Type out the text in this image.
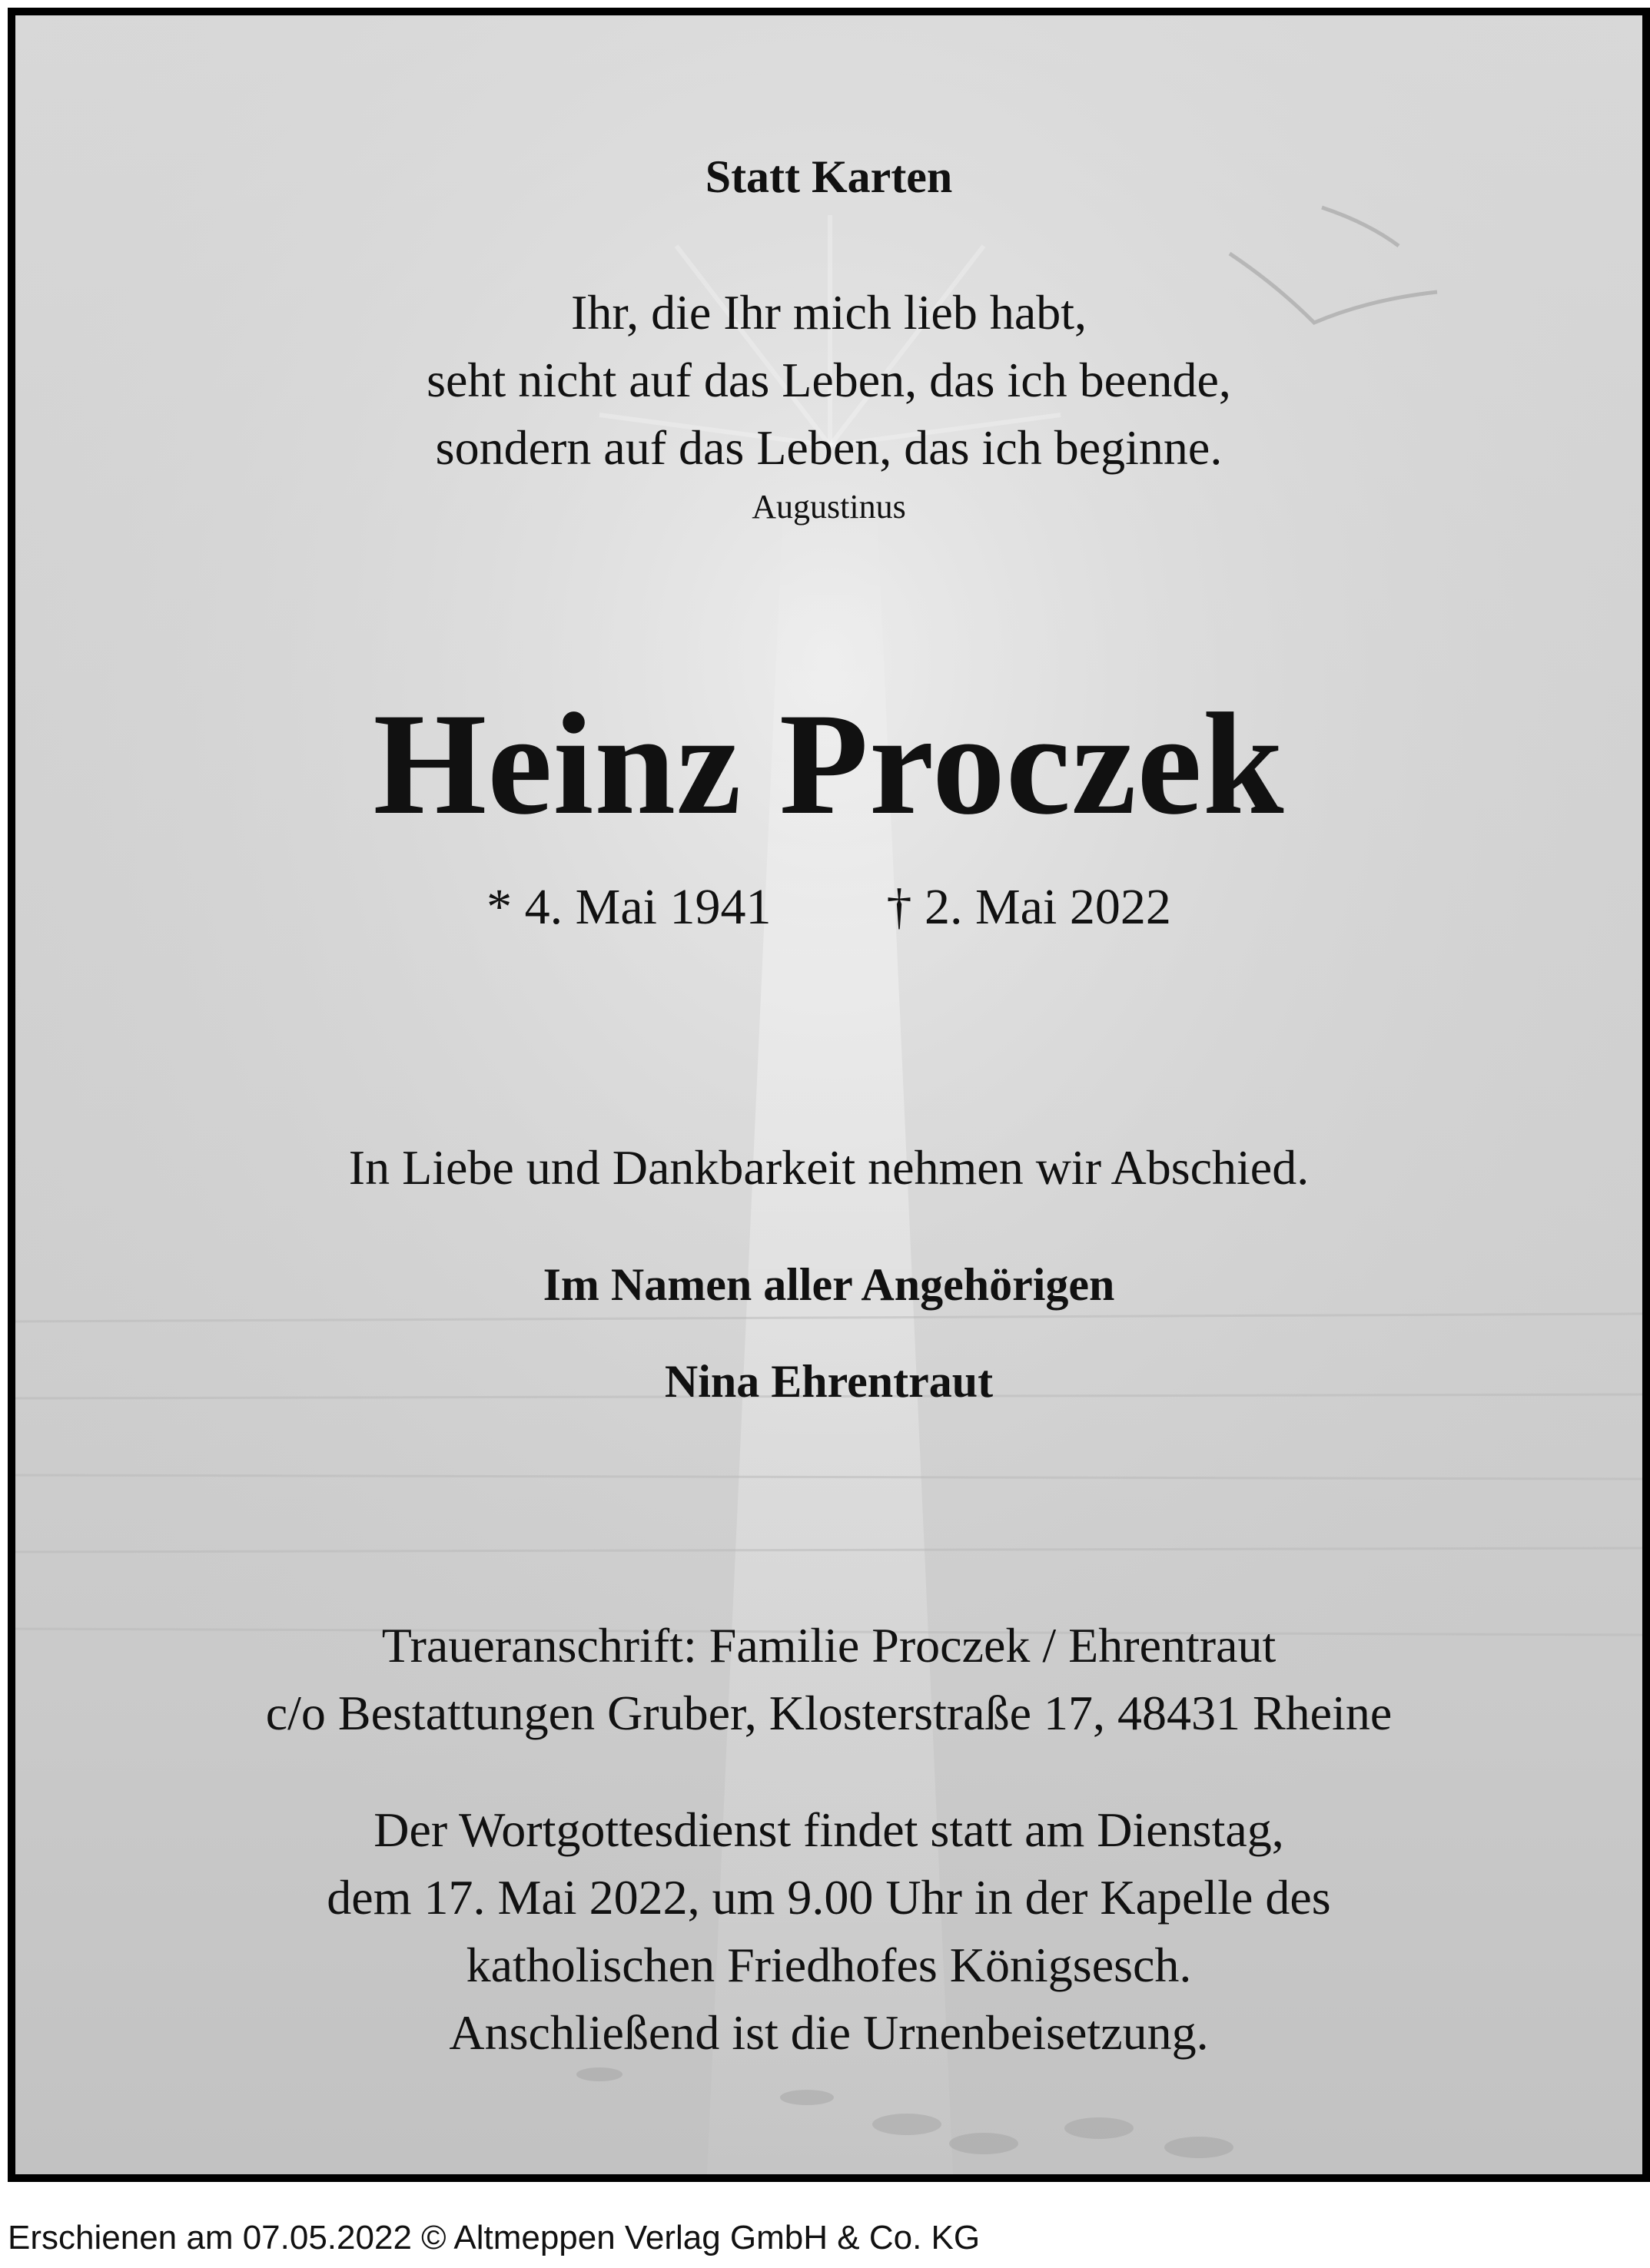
Statt Karten
Ihr, die Ihr mich lieb habt,
seht nicht auf das Leben, das ich beende,
sondern auf das Leben, das ich beginne.
Augustinus
Heinz Proczek
* 4. Mai 1941 † 2. Mai 2022
In Liebe und Dankbarkeit nehmen wir Abschied.
Im Namen aller Angehörigen
Nina Ehrentraut
Traueranschrift: Familie Proczek / Ehrentraut
c/o Bestattungen Gruber, Klosterstraße 17, 48431 Rheine
Der Wortgottesdienst findet statt am Dienstag,
dem 17. Mai 2022, um 9.00 Uhr in der Kapelle des
katholischen Friedhofes Königsesch.
Anschließend ist die Urnenbeisetzung.
Erschienen am 07.05.2022 © Altmeppen Verlag GmbH & Co. KG
